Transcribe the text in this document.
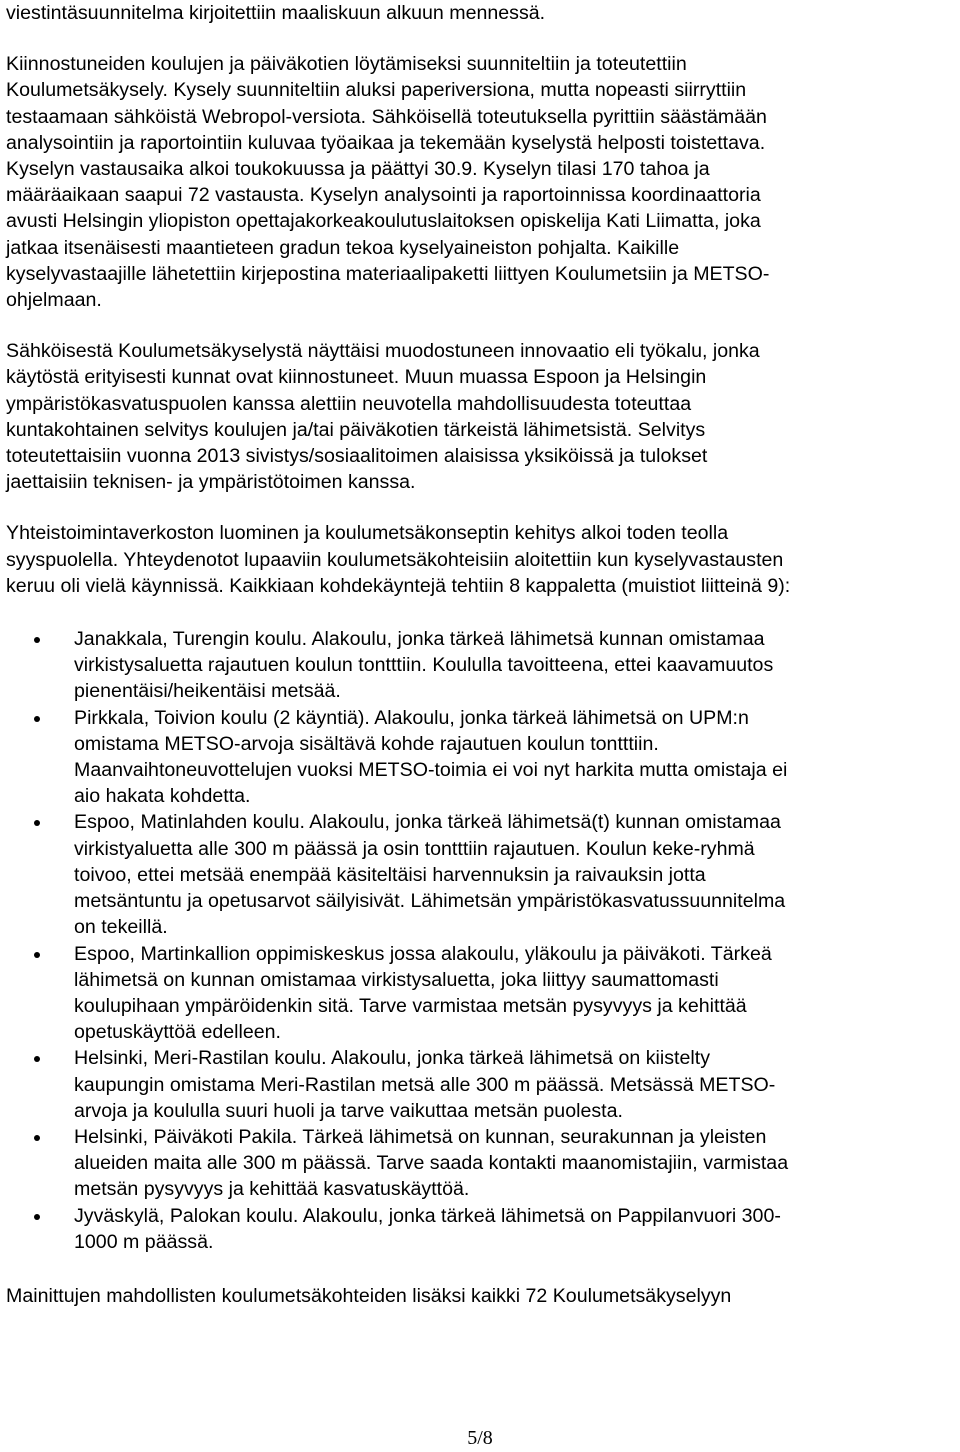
viestintäsuunnitelma kirjoitettiin maaliskuun alkuun mennessä.

Kiinnostuneiden koulujen ja päiväkotien löytämiseksi suunniteltiin ja toteutettiin
Koulumetsäkysely. Kysely suunniteltiin aluksi paperiversiona, mutta nopeasti siirryttiin
testaamaan sähköistä Webropol-versiota. Sähköisellä toteutuksella pyrittiin säästämään
analysointiin ja raportointiin kuluvaa työaikaa ja tekemään kyselystä helposti toistettava.
Kyselyn vastausaika alkoi toukokuussa ja päättyi 30.9. Kyselyn tilasi 170 tahoa ja
määräaikaan saapui 72 vastausta. Kyselyn analysointi ja raportoinnissa koordinaattoria
avusti Helsingin yliopiston opettajakorkeakoulutuslaitoksen opiskelija Kati Liimatta, joka
jatkaa itsenäisesti maantieteen gradun tekoa kyselyaineiston pohjalta. Kaikille
kyselyvastaajille lähetettiin kirjepostina materiaalipaketti liittyen Koulumetsiin ja METSO-
ohjelmaan.

Sähköisestä Koulumetsäkyselystä näyttäisi muodostuneen innovaatio eli työkalu, jonka
käytöstä erityisesti kunnat ovat kiinnostuneet. Muun muassa Espoon ja Helsingin
ympäristökasvatuspuolen kanssa alettiin neuvotella mahdollisuudesta toteuttaa
kuntakohtainen selvitys koulujen ja/tai päiväkotien tärkeistä lähimetsistä. Selvitys
toteutettaisiin vuonna 2013 sivistys/sosiaalitoimen alaisissa yksiköissä ja tulokset
jaettaisiin teknisen- ja ympäristötoimen kanssa.

Yhteistoimintaverkoston luominen ja koulumetsäkonseptin kehitys alkoi toden teolla
syyspuolella. Yhteydenotot lupaaviin koulumetsäkohteisiin aloitettiin kun kyselyvastausten
keruu oli vielä käynnissä. Kaikkiaan kohdekäyntejä tehtiin 8 kappaletta (muistiot liitteinä 9):

Janakkala, Turengin koulu. Alakoulu, jonka tärkeä lähimetsä kunnan omistamaa
virkistysaluetta rajautuen koulun tontttiin. Koululla tavoitteena, ettei kaavamuutos
pienentäisi/heikentäisi metsää.

Pirkkala, Toivion koulu (2 käyntiä). Alakoulu, jonka tärkeä lähimetsä on UPM:n
omistama METSO-arvoja sisältävä kohde rajautuen koulun tontttiin.
Maanvaihtoneuvottelujen vuoksi METSO-toimia ei voi nyt harkita mutta omistaja ei
aio hakata kohdetta.

Espoo, Matinlahden koulu. Alakoulu, jonka tärkeä lähimetsä(t) kunnan omistamaa
virkistyaluetta alle 300 m päässä ja osin tontttiin rajautuen. Koulun keke-ryhmä
toivoo, ettei metsää enempää käsiteltäisi harvennuksin ja raivauksin jotta
metsäntuntu ja opetusarvot säilyisivät. Lähimetsän ympäristökasvatussuunnitelma
on tekeillä.

Espoo, Martinkallion oppimiskeskus jossa alakoulu, yläkoulu ja päiväkoti. Tärkeä
lähimetsä on kunnan omistamaa virkistysaluetta, joka liittyy saumattomasti
koulupihaan ympäröidenkin sitä. Tarve varmistaa metsän pysyvyys ja kehittää
opetuskäyttöä edelleen.

Helsinki, Meri-Rastilan koulu. Alakoulu, jonka tärkeä lähimetsä on kiistelty
kaupungin omistama Meri-Rastilan metsä alle 300 m päässä. Metsässä METSO-
arvoja ja koululla suuri huoli ja tarve vaikuttaa metsän puolesta.

Helsinki, Päiväkoti Pakila. Tärkeä lähimetsä on kunnan, seurakunnan ja yleisten
alueiden maita alle 300 m päässä. Tarve saada kontakti maanomistajiin, varmistaa
metsän pysyvyys ja kehittää kasvatuskäyttöä.

Jyväskylä, Palokan koulu. Alakoulu, jonka tärkeä lähimetsä on Pappilanvuori 300-
1000 m päässä.

Mainittujen mahdollisten koulumetsäkohteiden lisäksi kaikki 72 Koulumetsäkyselyyn

5/8
